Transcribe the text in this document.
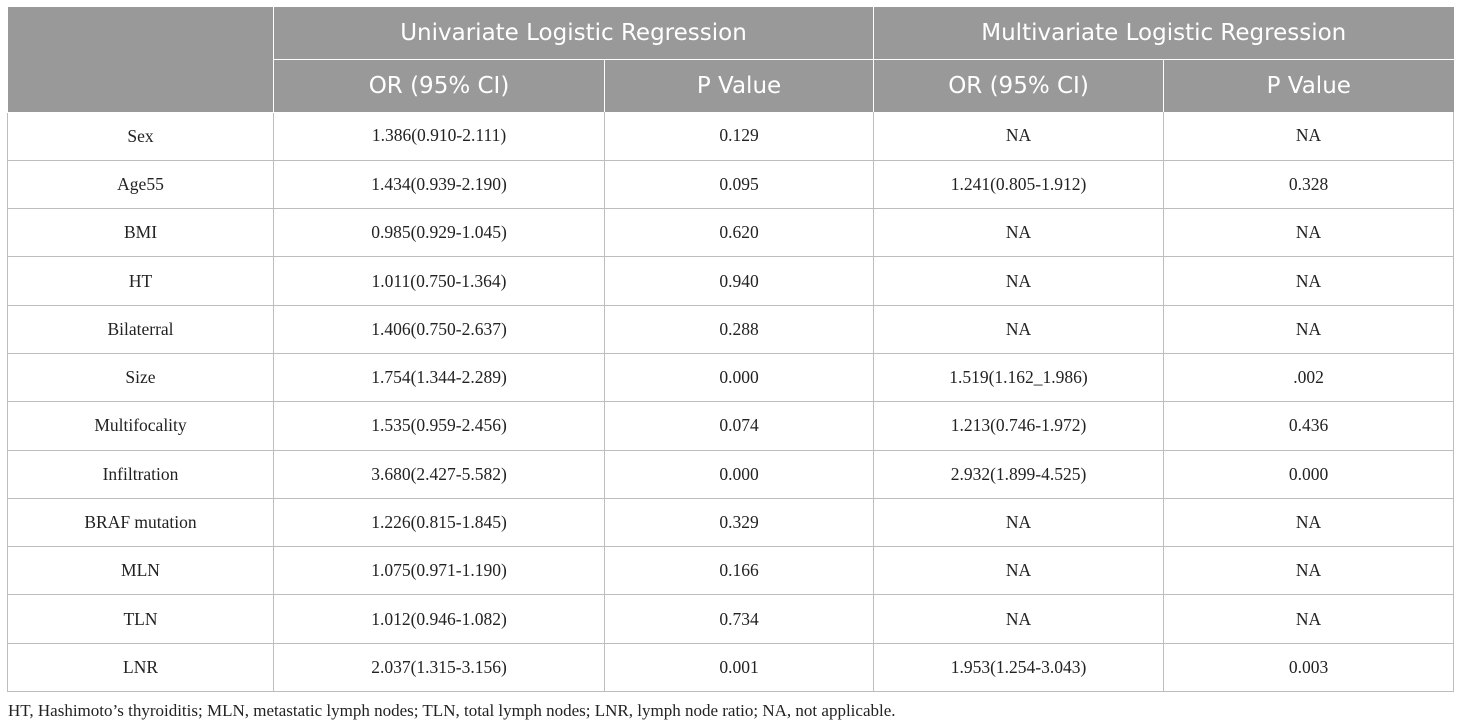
	Univariate Logistic Regression		Multivariate Logistic Regression	
	OR (95% CI)	P Value	OR (95% CI)	P Value
Sex	1.386(0.910-2.111)	0.129	NA	NA
Age55	1.434(0.939-2.190)	0.095	1.241(0.805-1.912)	0.328
BMI	0.985(0.929-1.045)	0.620	NA	NA
HT	1.011(0.750-1.364)	0.940	NA	NA
Bilaterral	1.406(0.750-2.637)	0.288	NA	NA
Size	1.754(1.344-2.289)	0.000	1.519(1.162_1.986)	.002
Multifocality	1.535(0.959-2.456)	0.074	1.213(0.746-1.972)	0.436
Infiltration	3.680(2.427-5.582)	0.000	2.932(1.899-4.525)	0.000
BRAF mutation	1.226(0.815-1.845)	0.329	NA	NA
MLN	1.075(0.971-1.190)	0.166	NA	NA
TLN	1.012(0.946-1.082)	0.734	NA	NA
LNR	2.037(1.315-3.156)	0.001	1.953(1.254-3.043)	0.003
HT, Hashimoto’s thyroiditis; MLN, metastatic lymph nodes; TLN, total lymph nodes; LNR, lymph node ratio; NA, not applicable.
